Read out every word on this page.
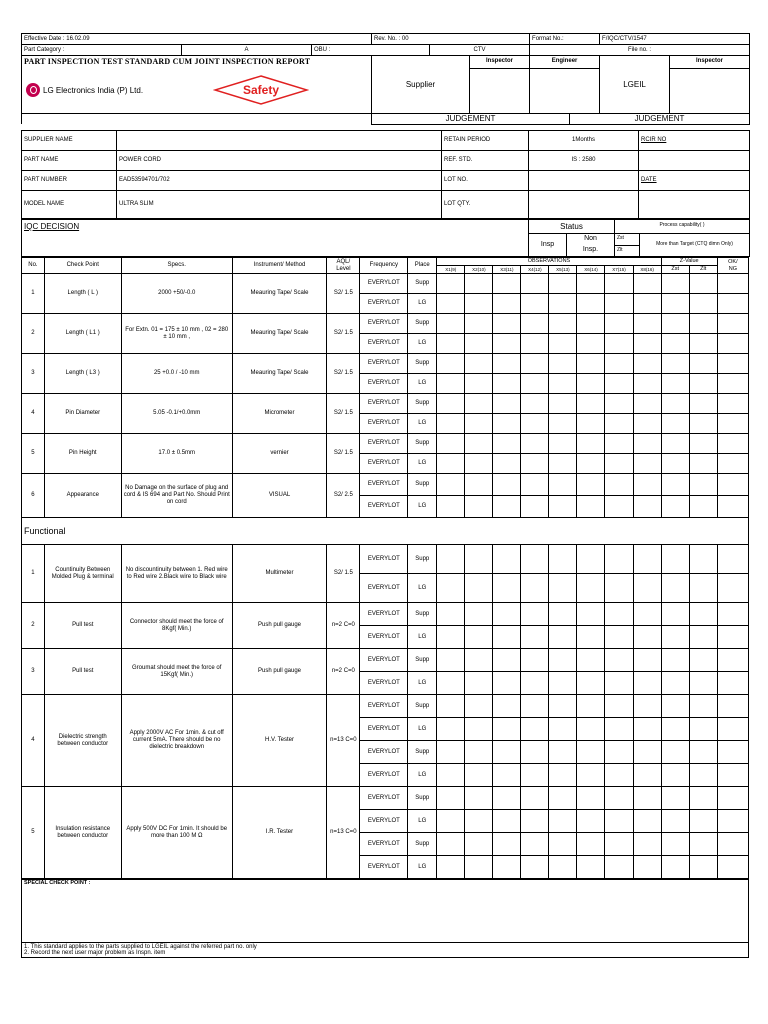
Effective Date : 16.02.09			Rev. No. : 00			Format No.:		F/IQC/CTV/1547	
Part Category :	A	OBU :		CTV		File no. :			
PART INSPECTION TEST STANDARD CUM JOINT INSPECTION REPORT			Supplier		Inspector	Engineer		LGEIL	Inspector

LG Electronics India (P) Ltd. Safety									

			JUDGEMENT				JUDGEMENT		
SUPPLIER NAME		RETAIN PERIOD	1Months	RCIR NO
PART NAME	POWER CORD	REF. STD.	IS : 2580	
PART NUMBER	EAD53594701/702	LOT NO.		DATE
MODEL NAME	ULTRA SLIM	LOT QTY.		
IQC DECISION	Status		Process capability( )	
	Insp	Non	Zst	More than Target (CTQ dimn Only)
		Insp.	Zlt	
No.	Check Point	Specs.	Instrument/ Method	AQL/ Level	Frequency	Place	OBSERVATIONS								Z-Value		OK/
NG
							X1(9)	X2(10)	X3(11)	X4(12)	X5(13)	X6(14)	X7(15)	X8(16)	Zst	Zlt	
1	Length ( L )	2000 +50/-0.0	Meauring Tape/ Scale	S2/ 1.5	EVERYLOT	Supp											
					EVERYLOT	LG											
2	Length ( L1 )	For Extn. 01 = 175 ± 10 mm , 02 = 280 ± 10 mm ,	Meauring Tape/ Scale	S2/ 1.5	EVERYLOT	Supp											
					EVERYLOT	LG											
3	Length ( L3 )	25 +0.0 / -10 mm	Meauring Tape/ Scale	S2/ 1.5	EVERYLOT	Supp											
					EVERYLOT	LG											
4	Pin Diameter	5.05 -0.1/+0.0mm	Micrometer	S2/ 1.5	EVERYLOT	Supp											
					EVERYLOT	LG											
5	Pin Height	17.0 ± 0.5mm	vernier	S2/ 1.5	EVERYLOT	Supp											
					EVERYLOT	LG											
6	Appearance	No Damage on the surface of plug and cord & IS 694 and Part No. Should Print on cord	VISUAL	S2/ 2.5	EVERYLOT	Supp											
					EVERYLOT	LG											
Functional																	
1	Countinuity Between Molded Plug & terminal	No discountinuity between 1. Red wire to Red wire 2.Black wire to Black wire	Multimeter	S2/ 1.5	EVERYLOT	Supp											
					EVERYLOT	LG											
2	Pull test	Connector should meet the force of 8Kgf( Min.)	Push pull gauge	n=2 C=0	EVERYLOT	Supp											
					EVERYLOT	LG											
3	Pull test	Groumat should meet the force of 15Kgf( Min.)	Push pull gauge	n=2 C=0	EVERYLOT	Supp											
					EVERYLOT	LG											
4	Dielectric strength between conductor	Apply 2000V AC For 1min. & cut off current 5mA. There should be no dielectric breakdown	H.V. Tester	n=13 C=0	EVERYLOT	Supp											
					EVERYLOT	LG											
					EVERYLOT	Supp											
					EVERYLOT	LG											
5	Insulation resistance between conductor	Apply 500V DC For 1min. It should be more than 100 M Ω	I.R. Tester	n=13 C=0	EVERYLOT	Supp											
					EVERYLOT	LG											
					EVERYLOT	Supp											
					EVERYLOT	LG											
SPECIAL CHECK POINT :
1. This standard applies to the parts supplied to LGEIL against the referred part no. only
2. Record the next user major problem as Inspn. item
